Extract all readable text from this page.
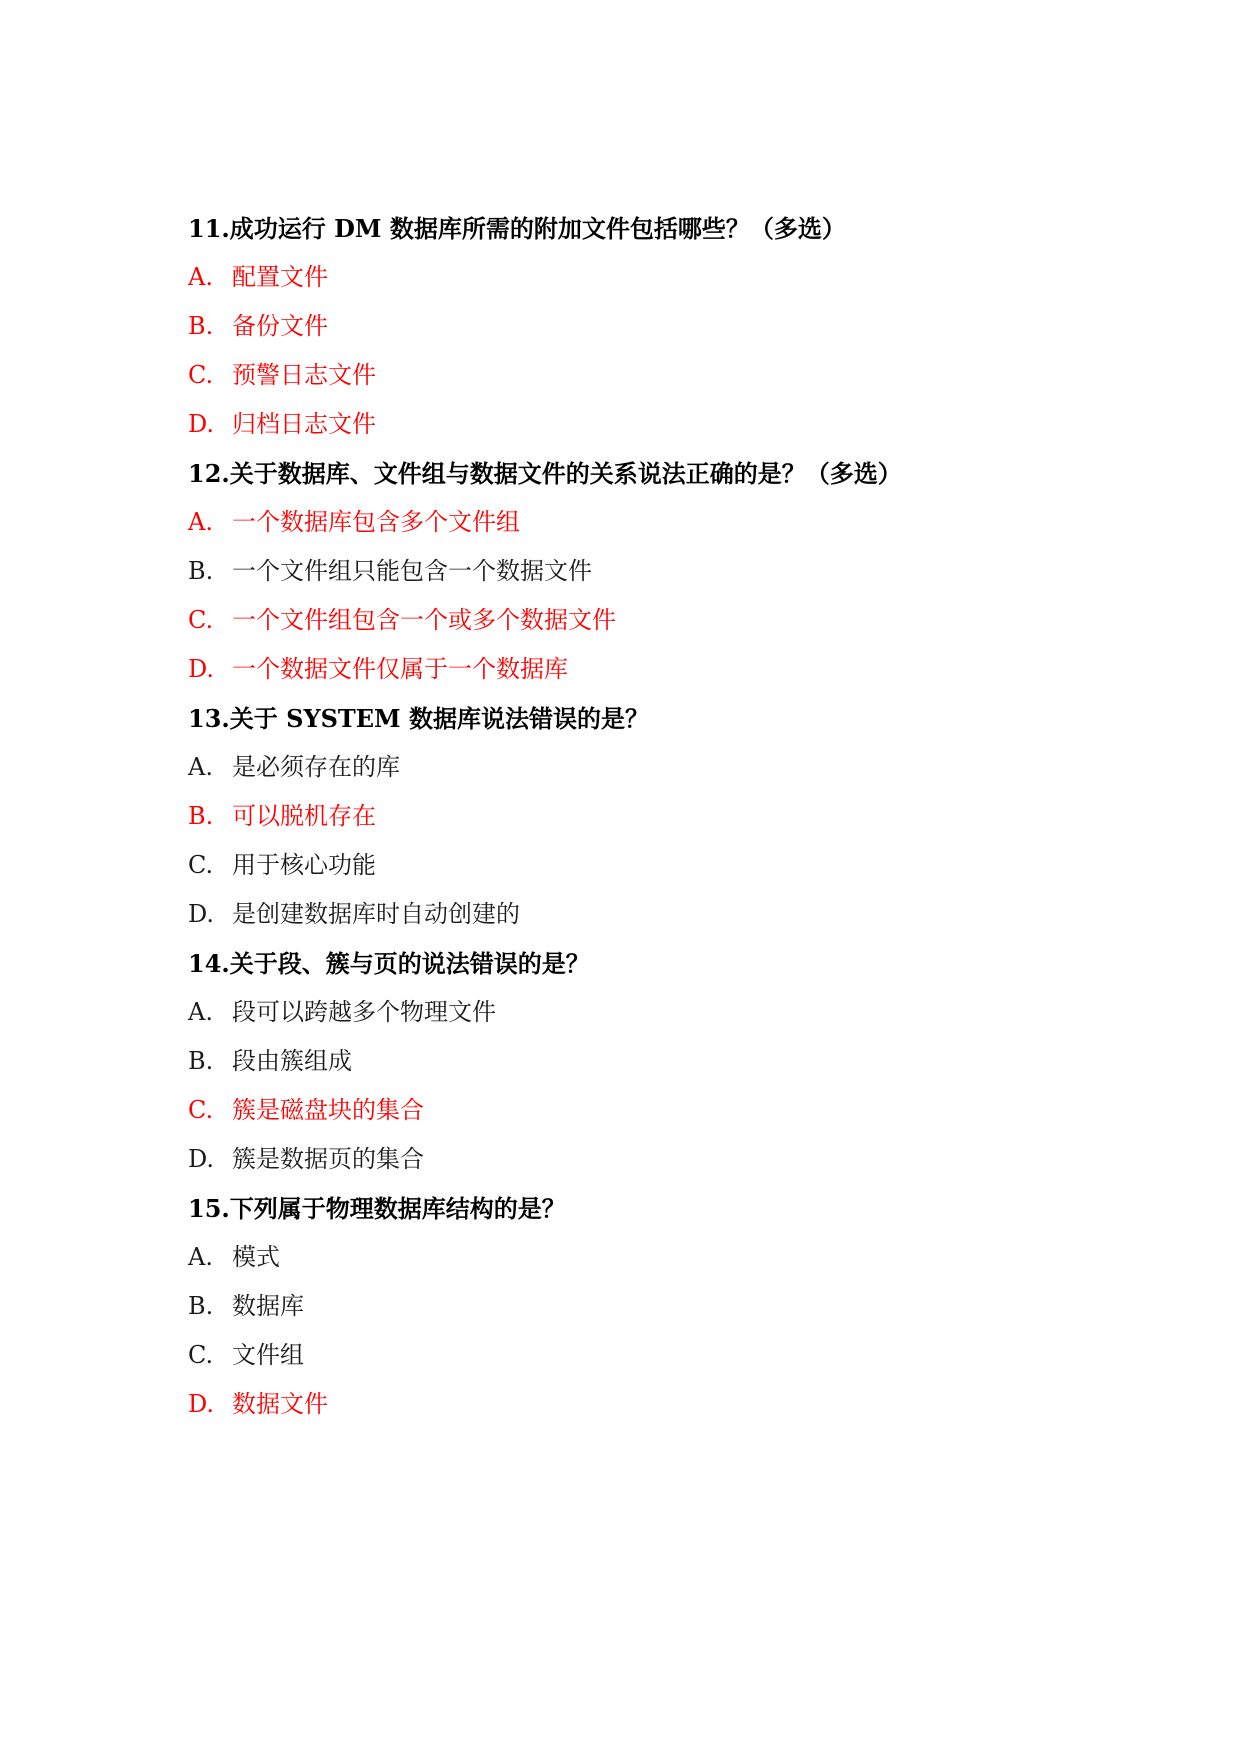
11.成功运行 DM 数据库所需的附加文件包括哪些？（多选）
A. 配置文件
B. 备份文件
C. 预警日志文件
D. 归档日志文件
12.关于数据库、文件组与数据文件的关系说法正确的是？（多选）
A. 一个数据库包含多个文件组
B. 一个文件组只能包含一个数据文件
C. 一个文件组包含一个或多个数据文件
D. 一个数据文件仅属于一个数据库
13.关于 SYSTEM 数据库说法错误的是？
A. 是必须存在的库
B. 可以脱机存在
C. 用于核心功能
D. 是创建数据库时自动创建的
14.关于段、簇与页的说法错误的是？
A. 段可以跨越多个物理文件
B. 段由簇组成
C. 簇是磁盘块的集合
D. 簇是数据页的集合
15.下列属于物理数据库结构的是？
A. 模式
B. 数据库
C. 文件组
D. 数据文件
